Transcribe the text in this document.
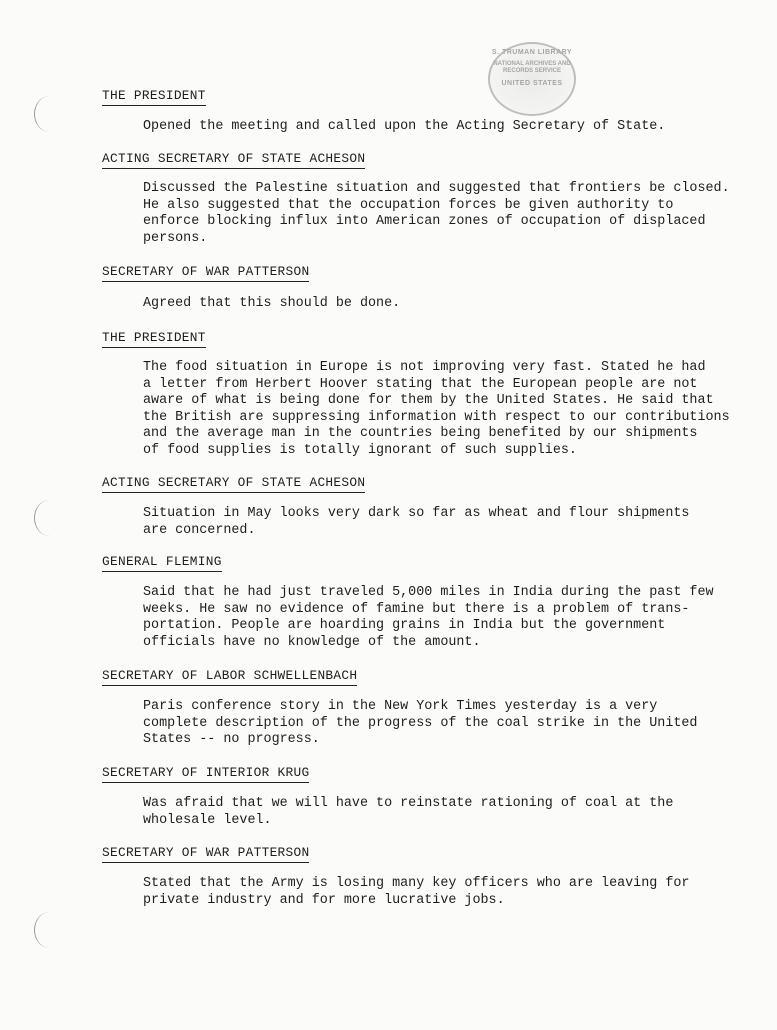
S. TRUMAN LIBRARY
NATIONAL ARCHIVES AND RECORDS SERVICE
UNITED STATES
THE PRESIDENT
Opened the meeting and called upon the Acting Secretary of State.
ACTING SECRETARY OF STATE ACHESON
Discussed the Palestine situation and suggested that frontiers be closed.
He also suggested that the occupation forces be given authority to
enforce blocking influx into American zones of occupation of displaced
persons.
SECRETARY OF WAR PATTERSON
Agreed that this should be done.
THE PRESIDENT
The food situation in Europe is not improving very fast. Stated he had
a letter from Herbert Hoover stating that the European people are not
aware of what is being done for them by the United States. He said that
the British are suppressing information with respect to our contributions
and the average man in the countries being benefited by our shipments
of food supplies is totally ignorant of such supplies.
ACTING SECRETARY OF STATE ACHESON
Situation in May looks very dark so far as wheat and flour shipments
are concerned.
GENERAL FLEMING
Said that he had just traveled 5,000 miles in India during the past few
weeks. He saw no evidence of famine but there is a problem of trans-
portation. People are hoarding grains in India but the government
officials have no knowledge of the amount.
SECRETARY OF LABOR SCHWELLENBACH
Paris conference story in the New York Times yesterday is a very
complete description of the progress of the coal strike in the United
States -- no progress.
SECRETARY OF INTERIOR KRUG
Was afraid that we will have to reinstate rationing of coal at the
wholesale level.
SECRETARY OF WAR PATTERSON
Stated that the Army is losing many key officers who are leaving for
private industry and for more lucrative jobs.
